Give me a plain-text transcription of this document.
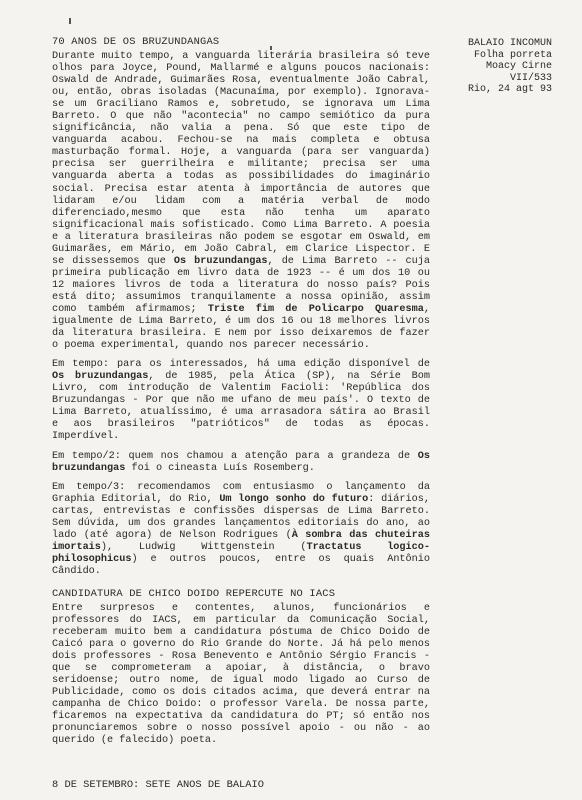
BALAIO INCOMUN
Folha porreta
Moacy Cirne
VII/533
Rio, 24 agt 93
70 ANOS DE OS BRUZUNDANGAS

Durante muito tempo, a vanguarda literária brasileira só teve olhos para Joyce, Pound, Mallarmé e alguns poucos nacionais: Oswald de Andrade, Guimarães Rosa, eventualmente João Cabral, ou, então, obras isoladas (Macunaíma, por exemplo). Ignorava-se um Graciliano Ramos e, sobretudo, se ignorava um Lima Barreto. O que não "acontecia" no campo semiótico da pura significância, não valia a pena. Só que este tipo de vanguarda acabou. Fechou-se na mais completa e obtusa masturbação formal. Hoje, a vanguarda (para ser vanguarda) precisa ser guerrilheira e militante; precisa ser uma vanguarda aberta a todas as possibilidades do imaginário social. Precisa estar atenta à importância de autores que lidaram e/ou lidam com a matéria verbal de modo diferenciado,mesmo que esta não tenha um aparato significacional mais sofisticado. Como Lima Barreto. A poesia e a literatura brasileiras não podem se esgotar em Oswald, em Guimarães, em Mário, em João Cabral, em Clarice Lispector. E se dissessemos que Os bruzundangas, de Lima Barreto -- cuja primeira publicação em livro data de 1923 -- é um dos 10 ou 12 maiores livros de toda a literatura do nosso país? Pois está dito; assumimos tranquilamente a nossa opinião, assim como também afirmamos; Triste fim de Policarpo Quaresma, igualmente de Lima Barreto, é um dos 16 ou 18 melhores livros da literatura brasileira. E nem por isso deixaremos de fazer o poema experimental, quando nos parecer necessário.

Em tempo: para os interessados, há uma edição disponível de Os bruzundangas, de 1985, pela Ática (SP), na Série Bom Livro, com introdução de Valentim Facioli: 'República dos Bruzundangas - Por que não me ufano de meu país'. O texto de Lima Barreto, atualíssimo, é uma arrasadora sátira ao Brasil e aos brasileiros "patrióticos" de todas as épocas. Imperdível.

Em tempo/2: quem nos chamou a atenção para a grandeza de Os bruzundangas foi o cineasta Luís Rosemberg.

Em tempo/3: recomendamos com entusiasmo o lançamento da Graphia Editorial, do Rio, Um longo sonho do futuro: diários, cartas, entrevistas e confissões dispersas de Lima Barreto. Sem dúvida, um dos grandes lançamentos editoriais do ano, ao lado (até agora) de Nelson Rodrigues (À sombra das chuteiras imortais), Ludwig Wittgenstein (Tractatus logico-philosophicus) e outros poucos, entre os quais Antônio Cândido.

CANDIDATURA DE CHICO DOIDO REPERCUTE NO IACS

Entre surpresos e contentes, alunos, funcionários e professores do IACS, em particular da Comunicação Social, receberam muito bem a candidatura póstuma de Chico Doido de Caicó para o governo do Rio Grande do Norte. Já há pelo menos dois professores - Rosa Benevento e Antônio Sérgio Francis - que se comprometeram a apoiar, à distância, o bravo seridoense; outro nome, de igual modo ligado ao Curso de Publicidade, como os dois citados acima, que deverá entrar na campanha de Chico Doido: o professor Varela. De nossa parte, ficaremos na expectativa da candidatura do PT; só então nos pronunciaremos sobre o nosso possível apoio - ou não - ao querido (e falecido) poeta.

8 DE SETEMBRO: SETE ANOS DE BALAIO
